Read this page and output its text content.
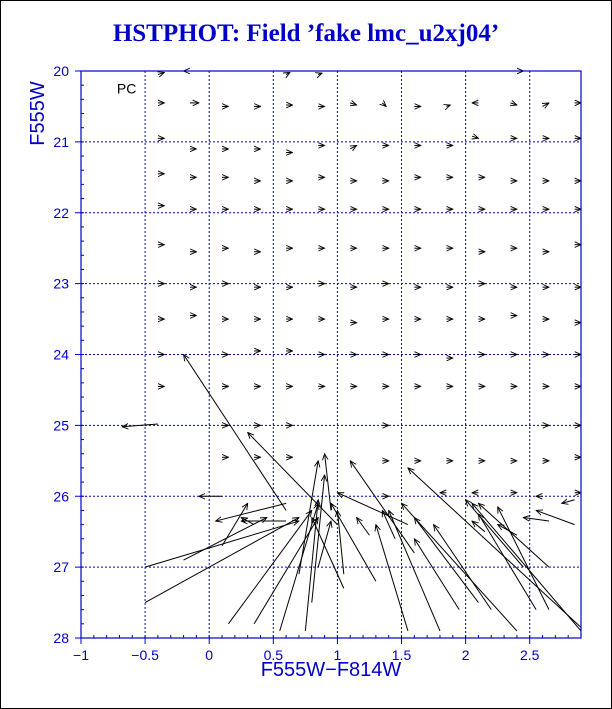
HSTPHOT: Field ’fake lmc_u2xj04’
−1	−0.5	0	0.5	1	1.5	2	2.5
20
21
22
23
24
25
26
27
28
PC
F555W−F814W
F555W
